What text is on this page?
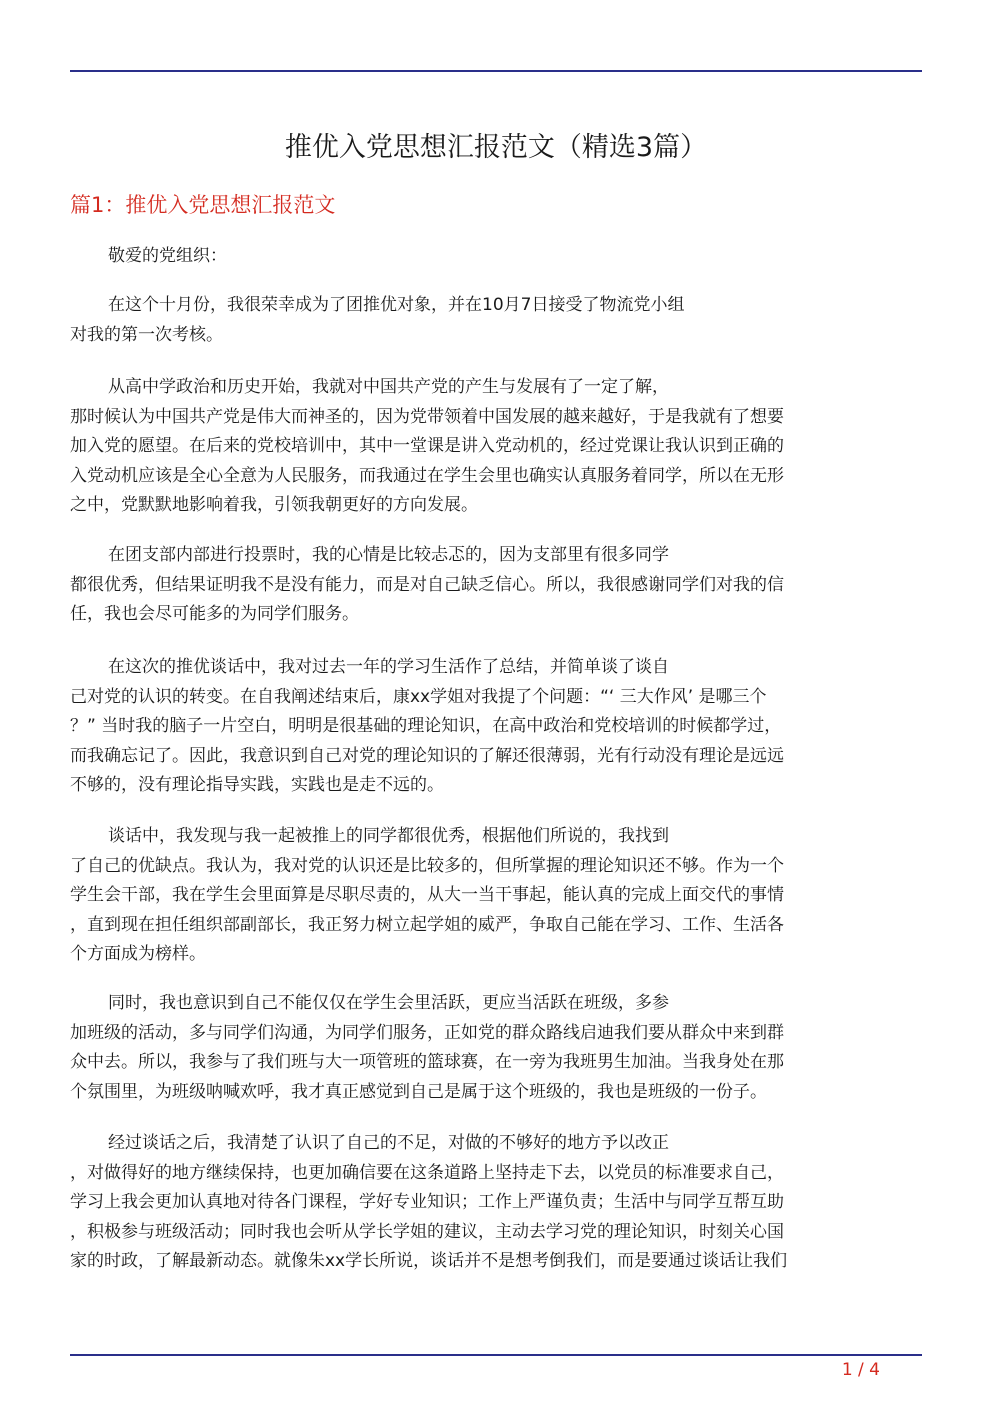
推优入党思想汇报范文（精选3篇）
篇1：推优入党思想汇报范文
敬爱的党组织：
在这个十月份，我很荣幸成为了团推优对象，并在10月7日接受了物流党小组
对我的第一次考核。
从高中学政治和历史开始，我就对中国共产党的产生与发展有了一定了解，
那时候认为中国共产党是伟大而神圣的，因为党带领着中国发展的越来越好，于是我就有了想要
加入党的愿望。在后来的党校培训中，其中一堂课是讲入党动机的，经过党课让我认识到正确的
入党动机应该是全心全意为人民服务，而我通过在学生会里也确实认真服务着同学，所以在无形
之中，党默默地影响着我，引领我朝更好的方向发展。
在团支部内部进行投票时，我的心情是比较忐忑的，因为支部里有很多同学
都很优秀，但结果证明我不是没有能力，而是对自己缺乏信心。所以，我很感谢同学们对我的信
任，我也会尽可能多的为同学们服务。
在这次的推优谈话中，我对过去一年的学习生活作了总结，并简单谈了谈自
己对党的认识的转变。在自我阐述结束后，康xx学姐对我提了个问题：“‘ 三大作风’ 是哪三个
？” 当时我的脑子一片空白，明明是很基础的理论知识，在高中政治和党校培训的时候都学过，
而我确忘记了。因此，我意识到自己对党的理论知识的了解还很薄弱，光有行动没有理论是远远
不够的，没有理论指导实践，实践也是走不远的。
谈话中，我发现与我一起被推上的同学都很优秀，根据他们所说的，我找到
了自己的优缺点。我认为，我对党的认识还是比较多的，但所掌握的理论知识还不够。作为一个
学生会干部，我在学生会里面算是尽职尽责的，从大一当干事起，能认真的完成上面交代的事情
，直到现在担任组织部副部长，我正努力树立起学姐的威严，争取自己能在学习、工作、生活各
个方面成为榜样。
同时，我也意识到自己不能仅仅在学生会里活跃，更应当活跃在班级，多参
加班级的活动，多与同学们沟通，为同学们服务，正如党的群众路线启迪我们要从群众中来到群
众中去。所以，我参与了我们班与大一项管班的篮球赛，在一旁为我班男生加油。当我身处在那
个氛围里，为班级呐喊欢呼，我才真正感觉到自己是属于这个班级的，我也是班级的一份子。
经过谈话之后，我清楚了认识了自己的不足，对做的不够好的地方予以改正
，对做得好的地方继续保持，也更加确信要在这条道路上坚持走下去，以党员的标准要求自己，
学习上我会更加认真地对待各门课程，学好专业知识；工作上严谨负责；生活中与同学互帮互助
，积极参与班级活动；同时我也会听从学长学姐的建议，主动去学习党的理论知识，时刻关心国
家的时政，了解最新动态。就像朱xx学长所说，谈话并不是想考倒我们，而是要通过谈话让我们
1 / 4
